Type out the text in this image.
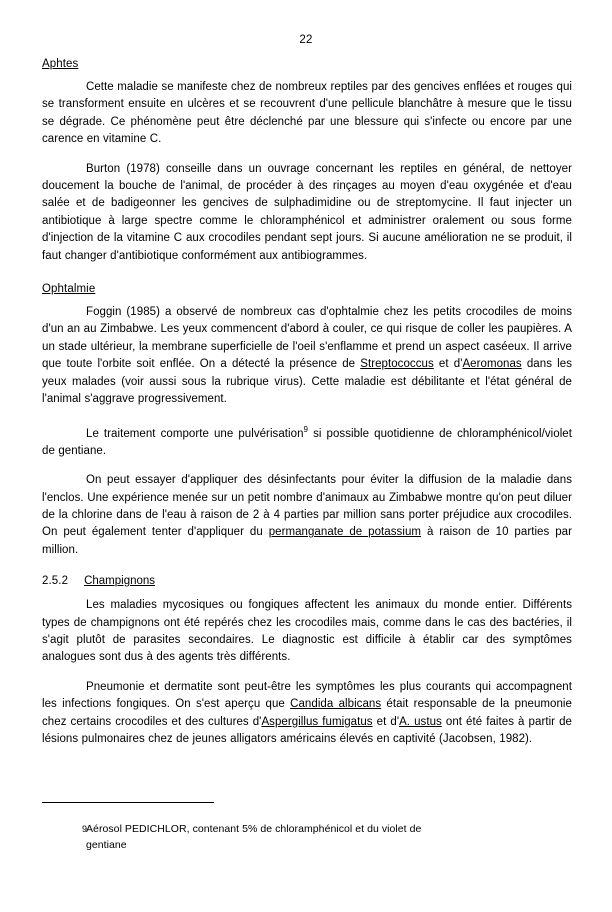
22
Aphtes

Cette maladie se manifeste chez de nombreux reptiles par des gencives enflées et rouges qui se transforment ensuite en ulcères et se recouvrent d'une pellicule blanchâtre à mesure que le tissu se dégrade. Ce phénomène peut être déclenché par une blessure qui s'infecte ou encore par une carence en vitamine C.

Burton (1978) conseille dans un ouvrage concernant les reptiles en général, de nettoyer doucement la bouche de l'animal, de procéder à des rinçages au moyen d'eau oxygénée et d'eau salée et de badigeonner les gencives de sulphadimidine ou de streptomycine. Il faut injecter un antibiotique à large spectre comme le chloramphénicol et administrer oralement ou sous forme d'injection de la vitamine C aux crocodiles pendant sept jours. Si aucune amélioration ne se produit, il faut changer d'antibiotique conformément aux antibiogrammes.

Ophtalmie

Foggin (1985) a observé de nombreux cas d'ophtalmie chez les petits crocodiles de moins d'un an au Zimbabwe. Les yeux commencent d'abord à couler, ce qui risque de coller les paupières. A un stade ultérieur, la membrane superficielle de l'oeil s'enflamme et prend un aspect caséeux. Il arrive que toute l'orbite soit enflée. On a détecté la présence de Streptococcus et d'Aeromonas dans les yeux malades (voir aussi sous la rubrique virus). Cette maladie est débilitante et l'état général de l'animal s'aggrave progressivement.

Le traitement comporte une pulvérisation$^9$ si possible quotidienne de chloramphénicol/violet de gentiane.

On peut essayer d'appliquer des désinfectants pour éviter la diffusion de la maladie dans l'enclos. Une expérience menée sur un petit nombre d'animaux au Zimbabwe montre qu'on peut diluer de la chlorine dans de l'eau à raison de 2 à 4 parties par million sans porter préjudice aux crocodiles. On peut également tenter d'appliquer du permanganate de potassium à raison de 10 parties par million.

2.5.2 Champignons

Les maladies mycosiques ou fongiques affectent les animaux du monde entier. Différents types de champignons ont été repérés chez les crocodiles mais, comme dans le cas des bactéries, il s'agit plutôt de parasites secondaires. Le diagnostic est difficile à établir car des symptômes analogues sont dus à des agents très différents.

Pneumonie et dermatite sont peut-être les symptômes les plus courants qui accompagnent les infections fongiques. On s'est aperçu que Candida albicans était responsable de la pneumonie chez certains crocodiles et des cultures d'Aspergillus fumigatus et d'A. ustus ont été faites à partir de lésions pulmonaires chez de jeunes alligators américains élevés en captivité (Jacobsen, 1982).

9
Aérosol PEDICHLOR, contenant 5% de chloramphénicol et du violet de
gentiane
